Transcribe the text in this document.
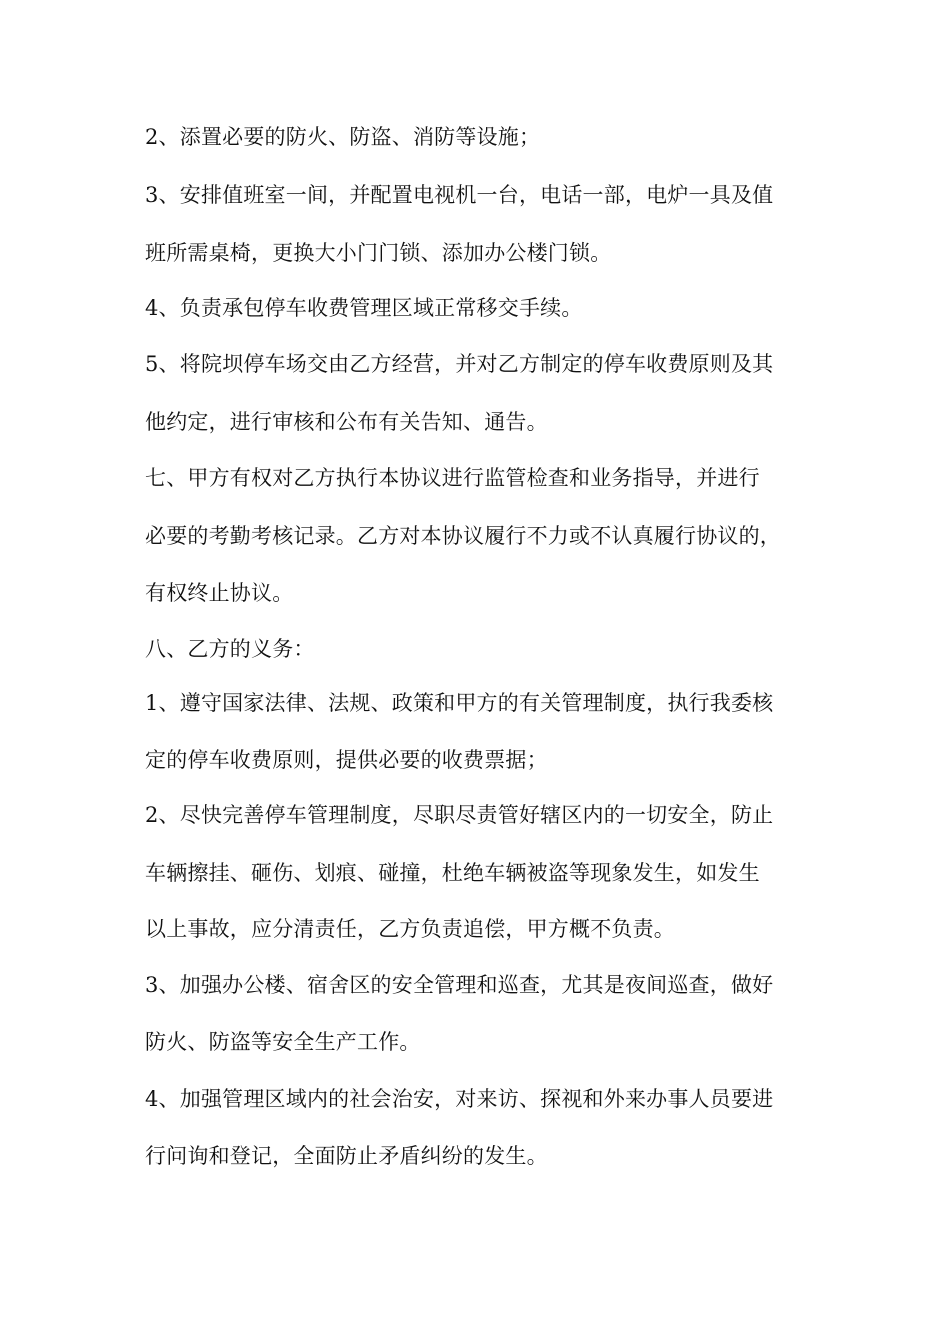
2、添置必要的防火、防盗、消防等设施；
3、安排值班室一间，并配置电视机一台，电话一部，电炉一具及值
班所需桌椅，更换大小门门锁、添加办公楼门锁。
4、负责承包停车收费管理区域正常移交手续。
5、将院坝停车场交由乙方经营，并对乙方制定的停车收费原则及其
他约定，进行审核和公布有关告知、通告。
七、甲方有权对乙方执行本协议进行监管检查和业务指导，并进行
必要的考勤考核记录。乙方对本协议履行不力或不认真履行协议的，
有权终止协议。
八、乙方的义务：
1、遵守国家法律、法规、政策和甲方的有关管理制度，执行我委核
定的停车收费原则，提供必要的收费票据；
2、尽快完善停车管理制度，尽职尽责管好辖区内的一切安全，防止
车辆擦挂、砸伤、划痕、碰撞，杜绝车辆被盗等现象发生，如发生
以上事故，应分清责任，乙方负责追偿，甲方概不负责。
3、加强办公楼、宿舍区的安全管理和巡查，尤其是夜间巡查，做好
防火、防盗等安全生产工作。
4、加强管理区域内的社会治安，对来访、探视和外来办事人员要进
行问询和登记，全面防止矛盾纠纷的发生。
